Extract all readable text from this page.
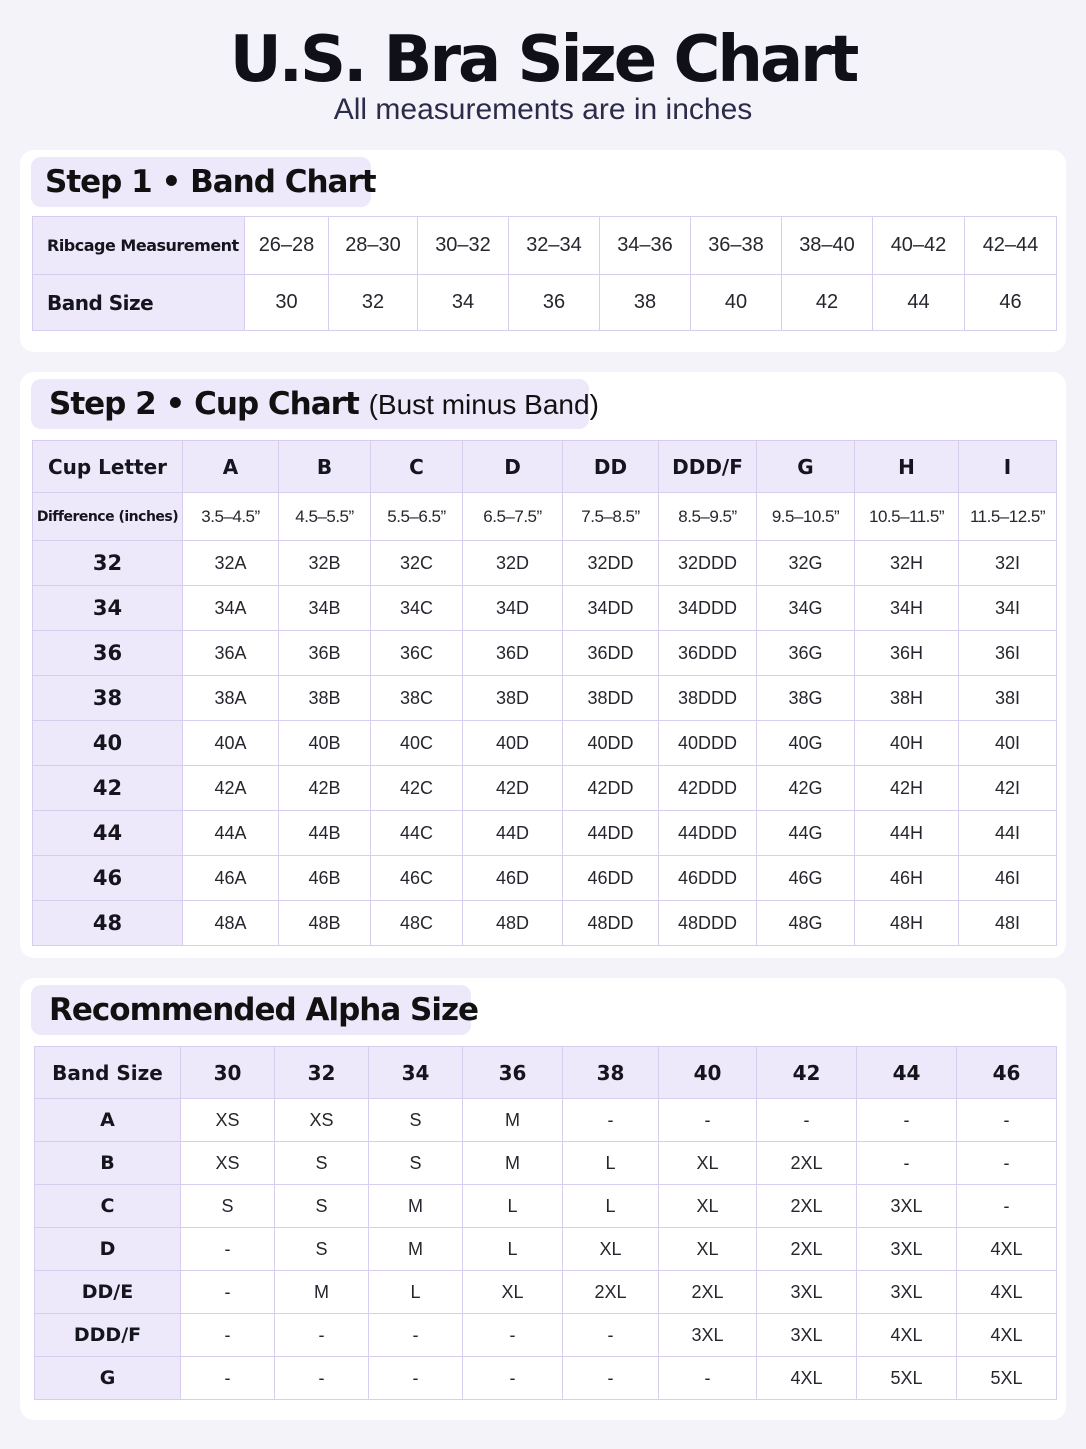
U.S. Bra Size Chart
All measurements are in inches
Step 1 • Band Chart
Ribcage Measurement	26–28	28–30	30–32	32–34	34–36	36–38	38–40	40–42	42–44
Band Size	30	32	34	36	38	40	42	44	46
Step 2 • Cup Chart (Bust minus Band)
Cup Letter	A	B	C	D	DD	DDD/F	G	H	I
Difference (inches)	3.5–4.5”	4.5–5.5”	5.5–6.5”	6.5–7.5”	7.5–8.5”	8.5–9.5”	9.5–10.5”	10.5–11.5”	11.5–12.5”
32	32A	32B	32C	32D	32DD	32DDD	32G	32H	32I
34	34A	34B	34C	34D	34DD	34DDD	34G	34H	34I
36	36A	36B	36C	36D	36DD	36DDD	36G	36H	36I
38	38A	38B	38C	38D	38DD	38DDD	38G	38H	38I
40	40A	40B	40C	40D	40DD	40DDD	40G	40H	40I
42	42A	42B	42C	42D	42DD	42DDD	42G	42H	42I
44	44A	44B	44C	44D	44DD	44DDD	44G	44H	44I
46	46A	46B	46C	46D	46DD	46DDD	46G	46H	46I
48	48A	48B	48C	48D	48DD	48DDD	48G	48H	48I
Recommended Alpha Size
Band Size	30	32	34	36	38	40	42	44	46
A	XS	XS	S	M	-	-	-	-	-
B	XS	S	S	M	L	XL	2XL	-	-
C	S	S	M	L	L	XL	2XL	3XL	-
D	-	S	M	L	XL	XL	2XL	3XL	4XL
DD/E	-	M	L	XL	2XL	2XL	3XL	3XL	4XL
DDD/F	-	-	-	-	-	3XL	3XL	4XL	4XL
G	-	-	-	-	-	-	4XL	5XL	5XL
